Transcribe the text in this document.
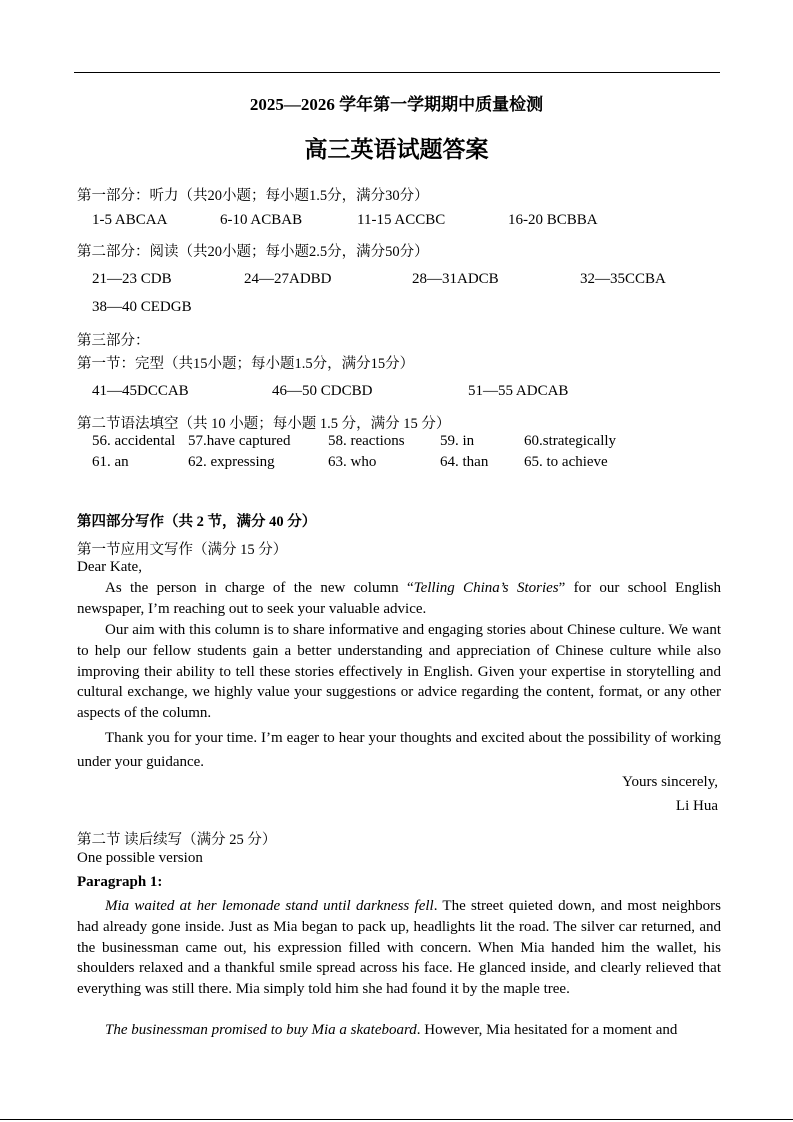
2025—2026 学年第一学期期中质量检测
高三英语试题答案
第一部分：听力（共20小题；每小题1.5分，满分30分）
1-5 ABCAA	6-10 ACBAB	11-15 ACCBC	16-20 BCBBA
第二部分：阅读（共20小题；每小题2.5分，满分50分）
21—23 CDB	24—27ADBD	28—31ADCB	32—35CCBA
38—40 CEDGB
第三部分：
第一节：完型（共15小题；每小题1.5分，满分15分）
41—45DCCAB	46—50 CDCBD	51—55 ADCAB
第二节语法填空（共 10 小题；每小题 1.5 分，满分 15 分）
56. accidental 57.have captured	58. reactions 59. in	60.strategically
61. an	62. expressing	63. who	64. than 65. to achieve
第四部分写作（共 2 节，满分 40 分）
第一节应用文写作（满分 15 分）
Dear Kate,

As the person in charge of the new column “Telling China’s Stories” for our school English newspaper, I’m reaching out to seek your valuable advice.

Our aim with this column is to share informative and engaging stories about Chinese culture. We want to help our fellow students gain a better understanding and appreciation of Chinese culture while also improving their ability to tell these stories effectively in English. Given your expertise in storytelling and cultural exchange, we highly value your suggestions or advice regarding the content, format, or any other aspects of the column.

Thank you for your time. I’m eager to hear your thoughts and excited about the possibility of working under your guidance.

Yours sincerely,
Li Hua
第二节 读后续写（满分 25 分）
One possible version
Paragraph 1:

Mia waited at her lemonade stand until darkness fell. The street quieted down, and most neighbors had already gone inside. Just as Mia began to pack up, headlights lit the road. The silver car returned, and the businessman came out, his expression filled with concern. When Mia handed him the wallet, his shoulders relaxed and a thankful smile spread across his face. He glanced inside, and clearly relieved that everything was still there. Mia simply told him she had found it by the maple tree.

The businessman promised to buy Mia a skateboard. However, Mia hesitated for a moment and
